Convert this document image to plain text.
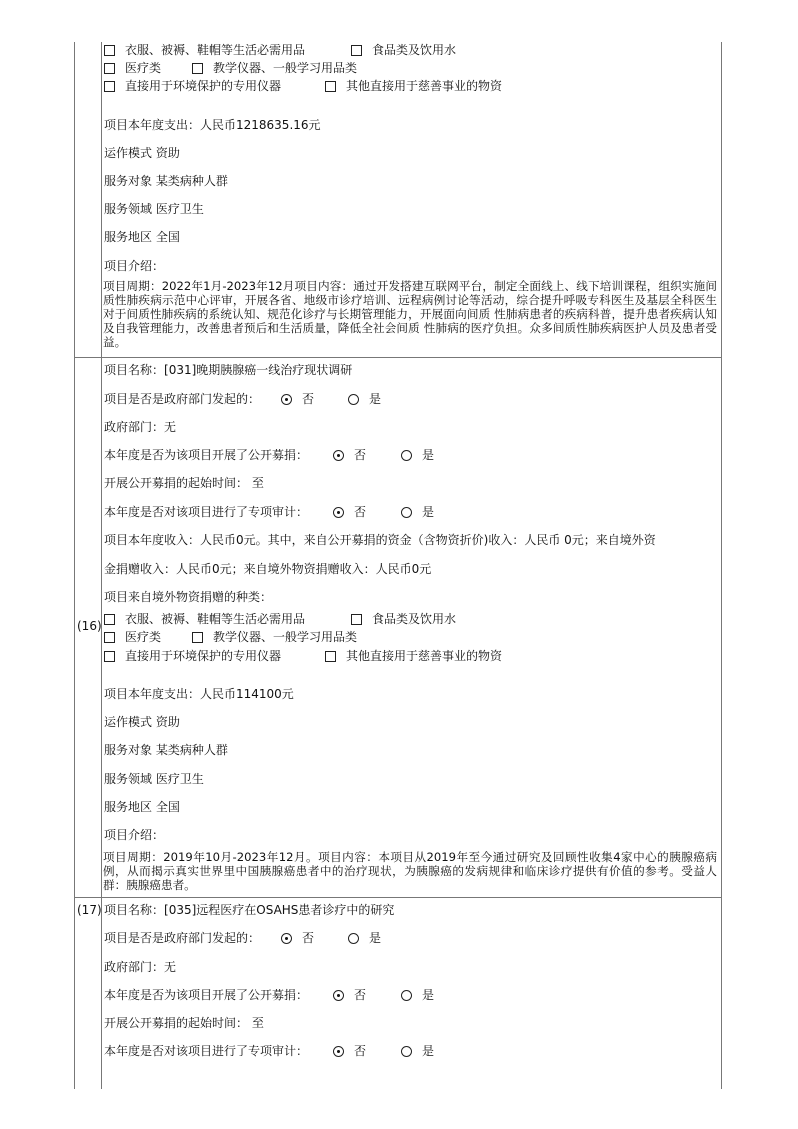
衣服、被褥、鞋帽等生活必需用品	食品类及饮用水
医疗类	教学仪器、一般学习用品类
直接用于环境保护的专用仪器	其他直接用于慈善事业的物资
项目本年度支出：人民币1218635.16元
运作模式 资助
服务对象 某类病种人群
服务领域 医疗卫生
服务地区 全国
项目介绍：
项目周期：2022年1月-2023年12月项目内容：通过开发搭建互联网平台，制定全面线上、线下培训课程，组织实施间质性肺疾病示范中心评审，开展各省、地级市诊疗培训、远程病例讨论等活动，综合提升呼吸专科医生及基层全科医生对于间质性肺疾病的系统认知、规范化诊疗与长期管理能力，开展面向间质 性肺病患者的疾病科普，提升患者疾病认知及自我管理能力，改善患者预后和生活质量，降低全社会间质 性肺病的医疗负担。众多间质性肺疾病医护人员及患者受益。
(16)
项目名称：[031]晚期胰腺癌一线治疗现状调研
项目是否是政府部门发起的：	否	是
政府部门：无
本年度是否为该项目开展了公开募捐：	否	是
开展公开募捐的起始时间： 至
本年度是否对该项目进行了专项审计：	否	是
项目本年度收入：人民币0元。其中，来自公开募捐的资金（含物资折价)收入：人民币 0元；来自境外资
金捐赠收入：人民币0元；来自境外物资捐赠收入：人民币0元
项目来自境外物资捐赠的种类：
衣服、被褥、鞋帽等生活必需用品	食品类及饮用水
医疗类	教学仪器、一般学习用品类
直接用于环境保护的专用仪器	其他直接用于慈善事业的物资
项目本年度支出：人民币114100元
运作模式 资助
服务对象 某类病种人群
服务领域 医疗卫生
服务地区 全国
项目介绍：
项目周期：2019年10月-2023年12月。项目内容：本项目从2019年至今通过研究及回顾性收集4家中心的胰腺癌病例，从而揭示真实世界里中国胰腺癌患者中的治疗现状，为胰腺癌的发病规律和临床诊疗提供有价值的参考。受益人群：胰腺癌患者。
(17) 项目名称：[035]远程医疗在OSAHS患者诊疗中的研究
项目是否是政府部门发起的：	否	是
政府部门：无
本年度是否为该项目开展了公开募捐：	否	是
开展公开募捐的起始时间： 至
本年度是否对该项目进行了专项审计：	否	是
